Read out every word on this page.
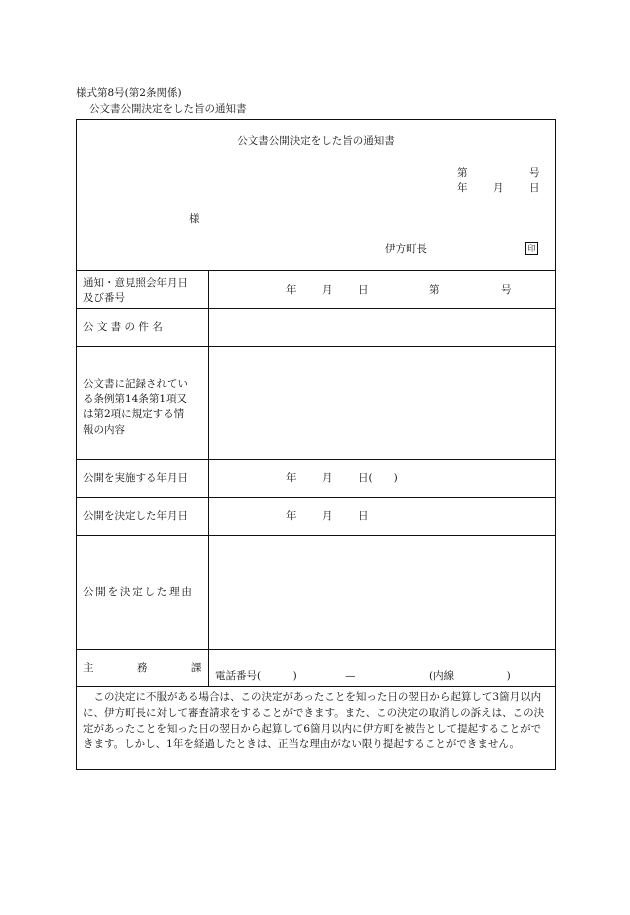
様式第8号(第2条関係)
公文書公開決定をした旨の通知書
公文書公開決定をした旨の通知書
第	号
年 月 日
様
伊方町長	印
通知・意見照会年月日
及び番号
年 月 日	第	号
公 文 書 の 件 名
公文書に記録されてい
る条例第14条第1項又
は第2項に規定する情
報の内容
公開を実施する年月日	年 月 日(　　)
公開を決定した年月日	年 月 日
公開を決定した理由
主	務	課
電話番号(　　　)	—	(内線　　　　　)
この決定に不服がある場合は、この決定があったことを知った日の翌日から起算して3箇月以内に、伊方町長に対して審査請求をすることができます。また、この決定の取消しの訴えは、この決定があったことを知った日の翌日から起算して6箇月以内に伊方町を被告として提起することができます。しかし、1年を経過したときは、正当な理由がない限り提起することができません。
